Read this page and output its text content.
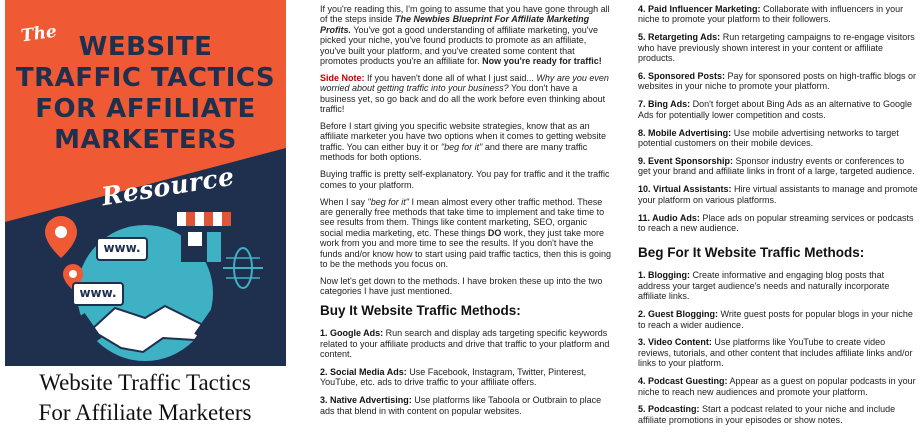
The WEBSITE
TRAFFIC TACTICS
FOR AFFILIATE
MARKETERS
Resource
www.
www.
Website Traffic Tactics
For Affiliate Marketers

If you're reading this, I'm going to assume that you have gone through all of the steps inside The Newbies Blueprint For Affiliate Marketing Profits. You've got a good understanding of affiliate marketing, you've picked your niche, you've found products to promote as an affiliate, you've built your platform, and you've created some content that promotes products you're an affiliate for. Now you're ready for traffic!

Side Note: If you haven't done all of what I just said... Why are you even worried about getting traffic into your business? You don't have a business yet, so go back and do all the work before even thinking about traffic!

Before I start giving you specific website strategies, know that as an affiliate marketer you have two options when it comes to getting website traffic. You can either buy it or "beg for it" and there are many traffic methods for both options.

Buying traffic is pretty self-explanatory. You pay for traffic and it the traffic comes to your platform.

When I say "beg for it" I mean almost every other traffic method. These are generally free methods that take time to implement and take time to see results from them. Things like content marketing, SEO, organic social media marketing, etc. These things DO work, they just take more work from you and more time to see the results. If you don't have the funds and/or know how to start using paid traffic tactics, then this is going to be the methods you focus on.

Now let's get down to the methods. I have broken these up into the two categories I have just mentioned.

Buy It Website Traffic Methods:
1. Google Ads: Run search and display ads targeting specific keywords related to your affiliate products and drive that traffic to your platform and content.
2. Social Media Ads: Use Facebook, Instagram, Twitter, Pinterest, YouTube, etc. ads to drive traffic to your affiliate offers.
3. Native Advertising: Use platforms like Taboola or Outbrain to place ads that blend in with content on popular websites.
4. Paid Influencer Marketing: Collaborate with influencers in your niche to promote your platform to their followers.
5. Retargeting Ads: Run retargeting campaigns to re-engage visitors who have previously shown interest in your content or affiliate products.
6. Sponsored Posts: Pay for sponsored posts on high-traffic blogs or websites in your niche to promote your platform.
7. Bing Ads: Don't forget about Bing Ads as an alternative to Google Ads for potentially lower competition and costs.
8. Mobile Advertising: Use mobile advertising networks to target potential customers on their mobile devices.
9. Event Sponsorship: Sponsor industry events or conferences to get your brand and affiliate links in front of a large, targeted audience.
10. Virtual Assistants: Hire virtual assistants to manage and promote your platform on various platforms.
11. Audio Ads: Place ads on popular streaming services or podcasts to reach a new audience.
Beg For It Website Traffic Methods:
1. Blogging: Create informative and engaging blog posts that address your target audience's needs and naturally incorporate affiliate links.
2. Guest Blogging: Write guest posts for popular blogs in your niche to reach a wider audience.
3. Video Content: Use platforms like YouTube to create video reviews, tutorials, and other content that includes affiliate links and/or links to your platform.
4. Podcast Guesting: Appear as a guest on popular podcasts in your niche to reach new audiences and promote your platform.
5. Podcasting: Start a podcast related to your niche and include affiliate promotions in your episodes or show notes.
